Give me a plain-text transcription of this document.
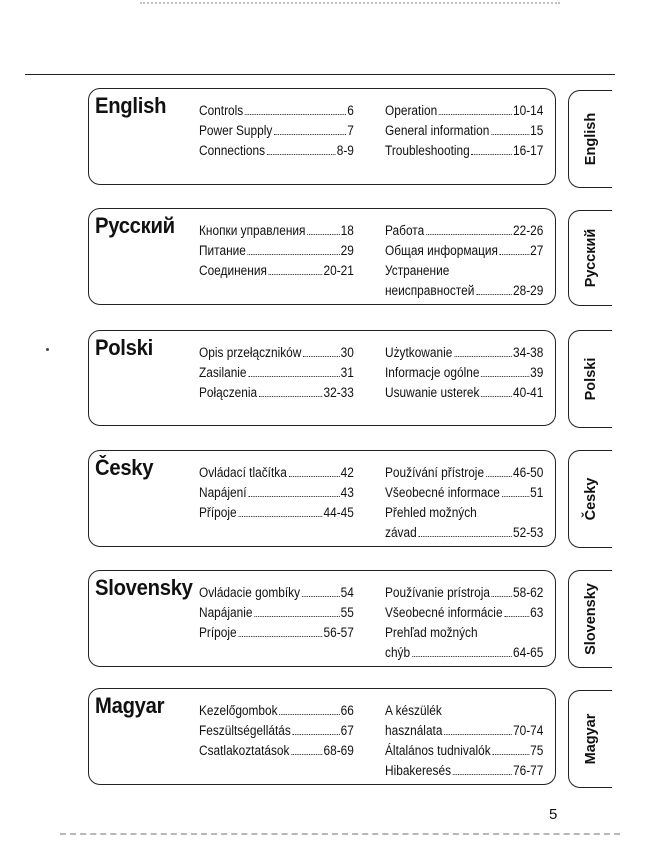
English Controls	6
Power Supply	7
Connections	8-9
Operation	10-14
General information	15
Troubleshooting	16-17	English
Русский Кнопки управления	18
Питание	29
Соединения	20-21
Работа	22-26
Общая информация 27
Устранение
неисправностей	28-29
Русский
Polski	Opis przełączników	30
Zasilanie	31
Połączenia	32-33
Użytkowanie	34-38
Informacje ogólne	39
Usuwanie usterek 40-41	Polski
Česky	Ovládací tlačítka	42
Napájení	43
Přípoje	44-45
Používání přístroje 46-50
Všeobecné informace 51
Přehled možných
závad	52-53
Česky
Slovensky Ovládacie gombíky	54
Napájanie	55
Prípoje	56-57
Používanie prístroja 58-62
Všeobecné informácie 63
Prehľad možných
chýb	64-65	Slovensky
Magyar	Kezelőgombok	66
Feszültségellátás	67
Csatlakoztatások	68-69
A készülék
használata	70-74
Általános tudnivalók	75
Hibakeresés	76-77
Magyar
5
